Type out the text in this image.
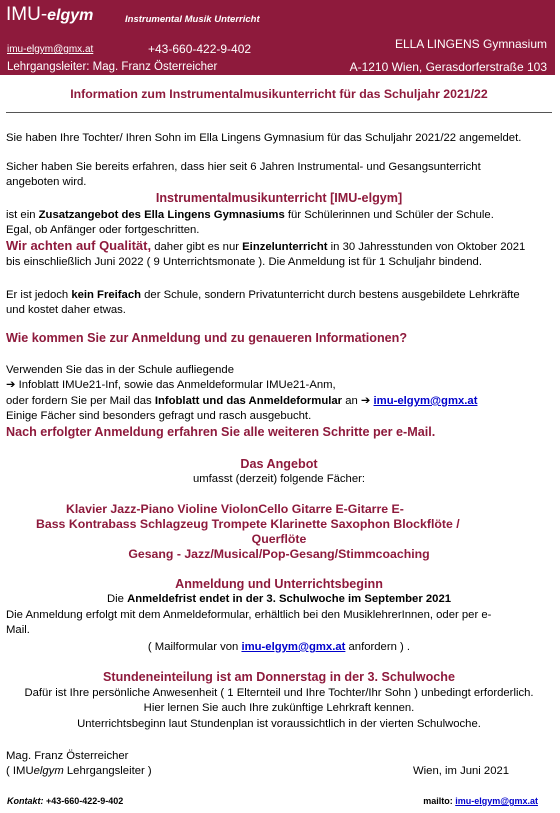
IMU-elgym	Instrumental Musik Unterricht
imu-elgym@gmx.at	+43-660-422-9-402	ELLA LINGENS Gymnasium
Lehrgangsleiter: Mag. Franz Österreicher	A-1210 Wien, Gerasdorferstraße 103
Information zum Instrumentalmusikunterricht für das Schuljahr 2021/22
Sie haben Ihre Tochter/ Ihren Sohn im Ella Lingens Gymnasium für das Schuljahr 2021/22 angemeldet.
Sicher haben Sie bereits erfahren, dass hier seit 6 Jahren Instrumental- und Gesangsunterricht
angeboten wird.
Instrumentalmusikunterricht [IMU-elgym]
ist ein Zusatzangebot des Ella Lingens Gymnasiums für Schülerinnen und Schüler der Schule.
Egal, ob Anfänger oder fortgeschritten.
Wir achten auf Qualität, daher gibt es nur Einzelunterricht in 30 Jahresstunden von Oktober 2021
bis einschließlich Juni 2022 ( 9 Unterrichtsmonate ). Die Anmeldung ist für 1 Schuljahr bindend.
Er ist jedoch kein Freifach der Schule, sondern Privatunterricht durch bestens ausgebildete Lehrkräfte
und kostet daher etwas.
Wie kommen Sie zur Anmeldung und zu genaueren Informationen?
Verwenden Sie das in der Schule aufliegende
➔ Infoblatt IMUe21-Inf, sowie das Anmeldeformular IMUe21-Anm,
oder fordern Sie per Mail das Infoblatt und das Anmeldeformular an ➔ imu-elgym@gmx.at
Einige Fächer sind besonders gefragt und rasch ausgebucht.
Nach erfolgter Anmeldung erfahren Sie alle weiteren Schritte per e-Mail.
Das Angebot
umfasst (derzeit) folgende Fächer:
Klavier Jazz-Piano Violine ViolonCello Gitarre E-Gitarre E-
Bass Kontrabass Schlagzeug Trompete Klarinette Saxophon Blockflöte /
Querflöte
Gesang - Jazz/Musical/Pop-Gesang/Stimmcoaching
Anmeldung und Unterrichtsbeginn
Die Anmeldefrist endet in der 3. Schulwoche im September 2021
Die Anmeldung erfolgt mit dem Anmeldeformular, erhältlich bei den MusiklehrerInnen, oder per e-
Mail.
( Mailformular von imu-elgym@gmx.at anfordern ) .
Stundeneinteilung ist am Donnerstag in der 3. Schulwoche
Dafür ist Ihre persönliche Anwesenheit ( 1 Elternteil und Ihre Tochter/Ihr Sohn ) unbedingt erforderlich.
Hier lernen Sie auch Ihre zukünftige Lehrkraft kennen.
Unterrichtsbeginn laut Stundenplan ist voraussichtlich in der vierten Schulwoche.
Mag. Franz Österreicher
( IMUelgym Lehrgangsleiter )	Wien, im Juni 2021
Kontakt: +43-660-422-9-402	mailto: imu-elgym@gmx.at
